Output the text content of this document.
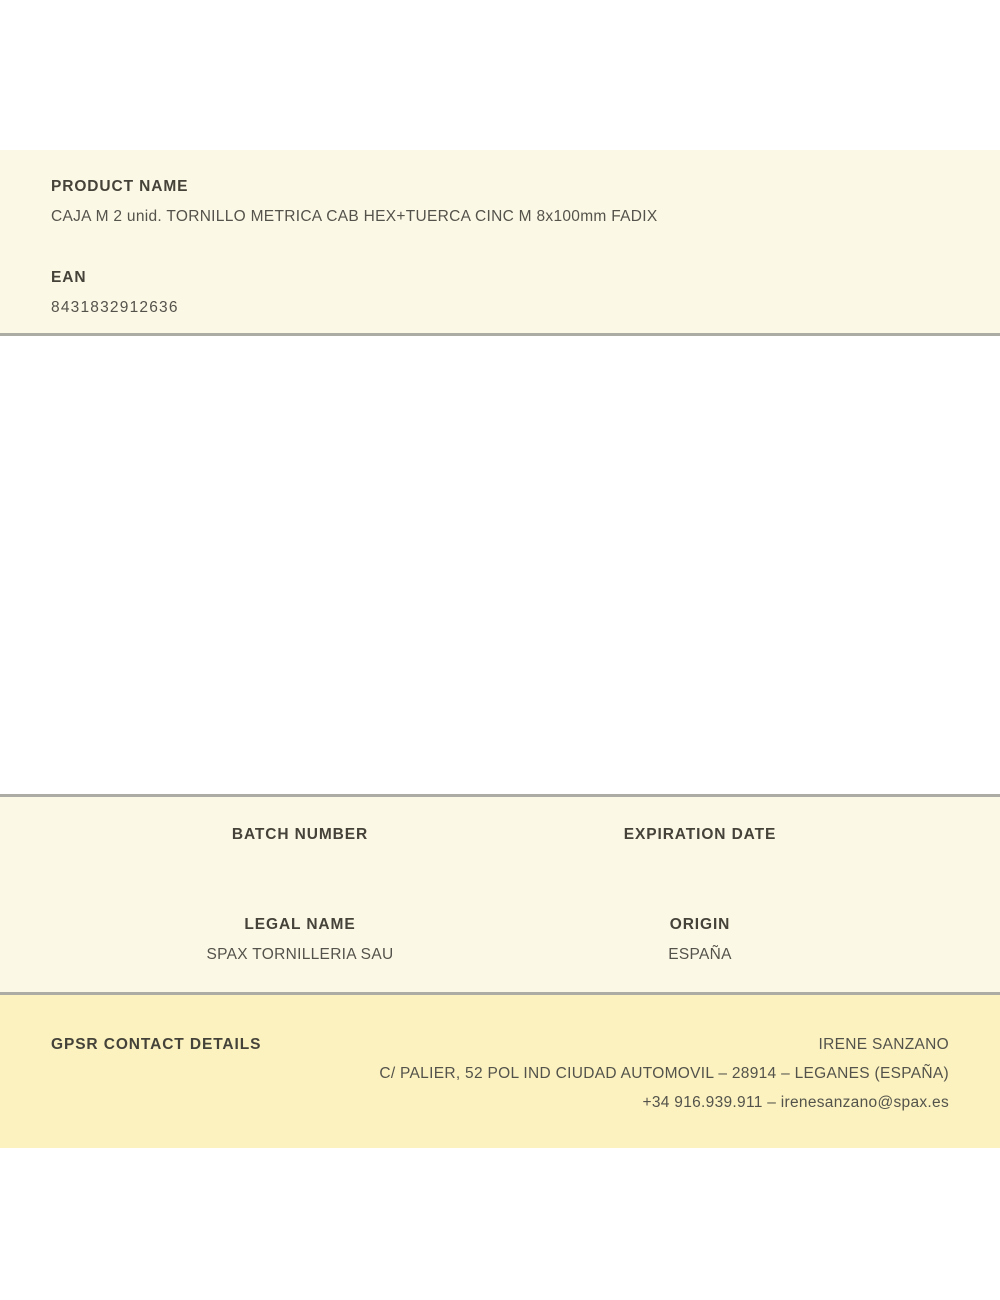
PRODUCT NAME
CAJA M 2 unid. TORNILLO METRICA CAB HEX+TUERCA CINC M 8x100mm FADIX
EAN
8431832912636
BATCH NUMBER	EXPIRATION DATE
LEGAL NAME	ORIGIN
SPAX TORNILLERIA SAU	ESPAÑA
GPSR CONTACT DETAILS	IRENE SANZANO
C/ PALIER, 52 POL IND CIUDAD AUTOMOVIL – 28914 – LEGANES (ESPAÑA)
+34 916.939.911 – irenesanzano@spax.es
